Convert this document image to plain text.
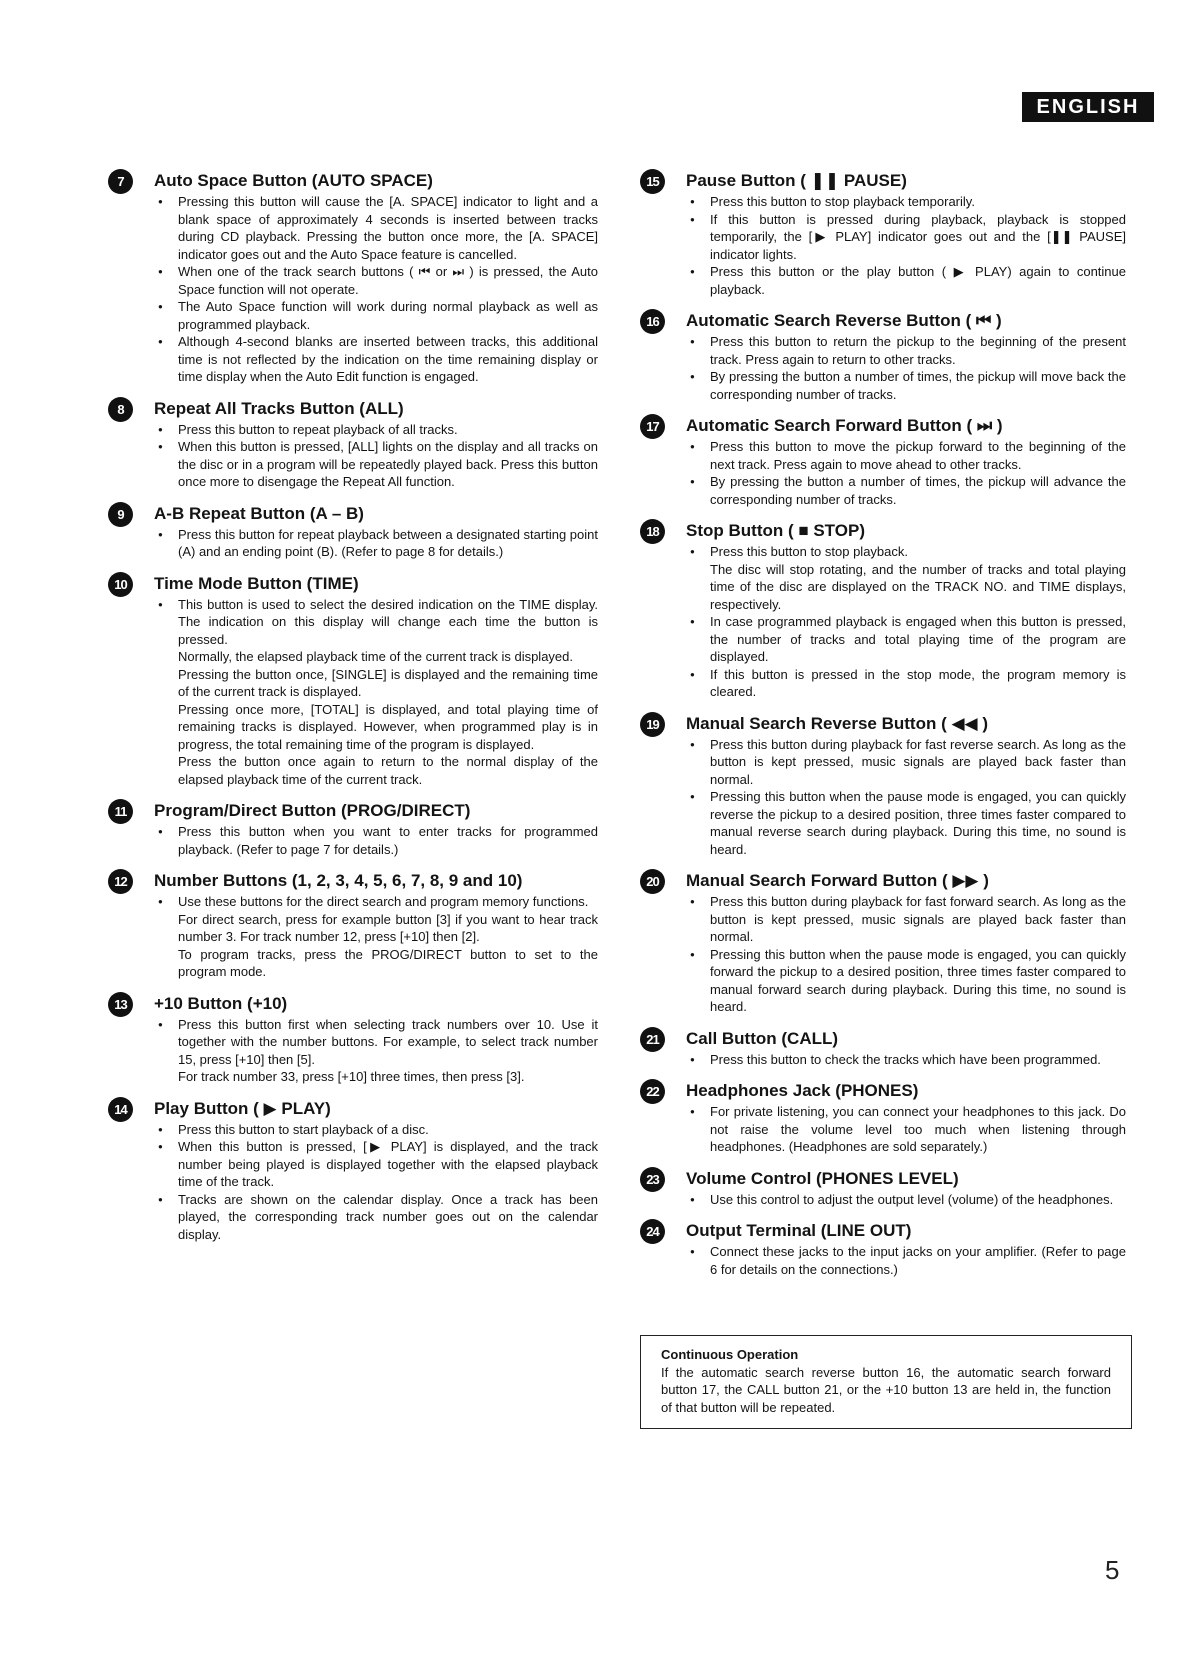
ENGLISH
7	Auto Space Button (AUTO SPACE)
● Pressing this button will cause the [A. SPACE] indicator to light and a blank space of approximately 4 seconds is inserted between tracks during CD playback. Pressing the button once more, the [A. SPACE] indicator goes out and the Auto Space feature is cancelled.
● When one of the track search buttons ( ⏮ or ⏭ ) is pressed, the Auto Space function will not operate.
● The Auto Space function will work during normal playback as well as programmed playback.
● Although 4-second blanks are inserted between tracks, this additional time is not reflected by the indication on the time remaining display or time display when the Auto Edit function is engaged.
8	Repeat All Tracks Button (ALL)
● Press this button to repeat playback of all tracks.
● When this button is pressed, [ALL] lights on the display and all tracks on the disc or in a program will be repeatedly played back. Press this button once more to disengage the Repeat All function.
9	A-B Repeat Button (A – B)
● Press this button for repeat playback between a designated starting point (A) and an ending point (B). (Refer to page 8 for details.)
10	Time Mode Button (TIME)
● This button is used to select the desired indication on the TIME display. The indication on this display will change each time the button is pressed.

Normally, the elapsed playback time of the current track is displayed.

Pressing the button once, [SINGLE] is displayed and the remaining time of the current track is displayed.

Pressing once more, [TOTAL] is displayed, and total playing time of remaining tracks is displayed. However, when programmed play is in progress, the total remaining time of the program is displayed.

Press the button once again to return to the normal display of the elapsed playback time of the current track.

11	Program/Direct Button (PROG/DIRECT)
● Press this button when you want to enter tracks for programmed playback. (Refer to page 7 for details.)
12	Number Buttons (1, 2, 3, 4, 5, 6, 7, 8, 9 and 10)
● Use these buttons for the direct search and program memory functions.

For direct search, press for example button [3] if you want to hear track number 3. For track number 12, press [+10] then [2].

To program tracks, press the PROG/DIRECT button to set to the program mode.

13	+10 Button (+10)
● Press this button first when selecting track numbers over 10. Use it together with the number buttons. For example, to select track number 15, press [+10] then [5].

For track number 33, press [+10] three times, then press [3].

14	Play Button ( ▶ PLAY)
● Press this button to start playback of a disc.
● When this button is pressed, [▶ PLAY] is displayed, and the track number being played is displayed together with the elapsed playback time of the track.
● Tracks are shown on the calendar display. Once a track has been played, the corresponding track number goes out on the calendar display.
15	Pause Button ( ❚❚ PAUSE)
● Press this button to stop playback temporarily.
● If this button is pressed during playback, playback is stopped temporarily, the [▶ PLAY] indicator goes out and the [❚❚ PAUSE] indicator lights.
● Press this button or the play button ( ▶ PLAY) again to continue playback.
16	Automatic Search Reverse Button ( ⏮ )
● Press this button to return the pickup to the beginning of the present track. Press again to return to other tracks.
● By pressing the button a number of times, the pickup will move back the corresponding number of tracks.
17	Automatic Search Forward Button ( ⏭ )
● Press this button to move the pickup forward to the beginning of the next track. Press again to move ahead to other tracks.
● By pressing the button a number of times, the pickup will advance the corresponding number of tracks.
18	Stop Button ( ■ STOP)
● Press this button to stop playback.

The disc will stop rotating, and the number of tracks and total playing time of the disc are displayed on the TRACK NO. and TIME displays, respectively.

● In case programmed playback is engaged when this button is pressed, the number of tracks and total playing time of the program are displayed.
● If this button is pressed in the stop mode, the program memory is cleared.
19	Manual Search Reverse Button ( ◀◀ )
● Press this button during playback for fast reverse search. As long as the button is kept pressed, music signals are played back faster than normal.
● Pressing this button when the pause mode is engaged, you can quickly reverse the pickup to a desired position, three times faster compared to manual reverse search during playback. During this time, no sound is heard.
20	Manual Search Forward Button ( ▶▶ )
● Press this button during playback for fast forward search. As long as the button is kept pressed, music signals are played back faster than normal.
● Pressing this button when the pause mode is engaged, you can quickly forward the pickup to a desired position, three times faster compared to manual forward search during playback. During this time, no sound is heard.
21	Call Button (CALL)
● Press this button to check the tracks which have been programmed.
22	Headphones Jack (PHONES)
● For private listening, you can connect your headphones to this jack. Do not raise the volume level too much when listening through headphones. (Headphones are sold separately.)
23	Volume Control (PHONES LEVEL)
● Use this control to adjust the output level (volume) of the headphones.
24	Output Terminal (LINE OUT)
● Connect these jacks to the input jacks on your amplifier. (Refer to page 6 for details on the connections.)

Continuous Operation

If the automatic search reverse button 16, the automatic search forward button 17, the CALL button 21, or the +10 button 13 are held in, the function of that button will be repeated.

5
